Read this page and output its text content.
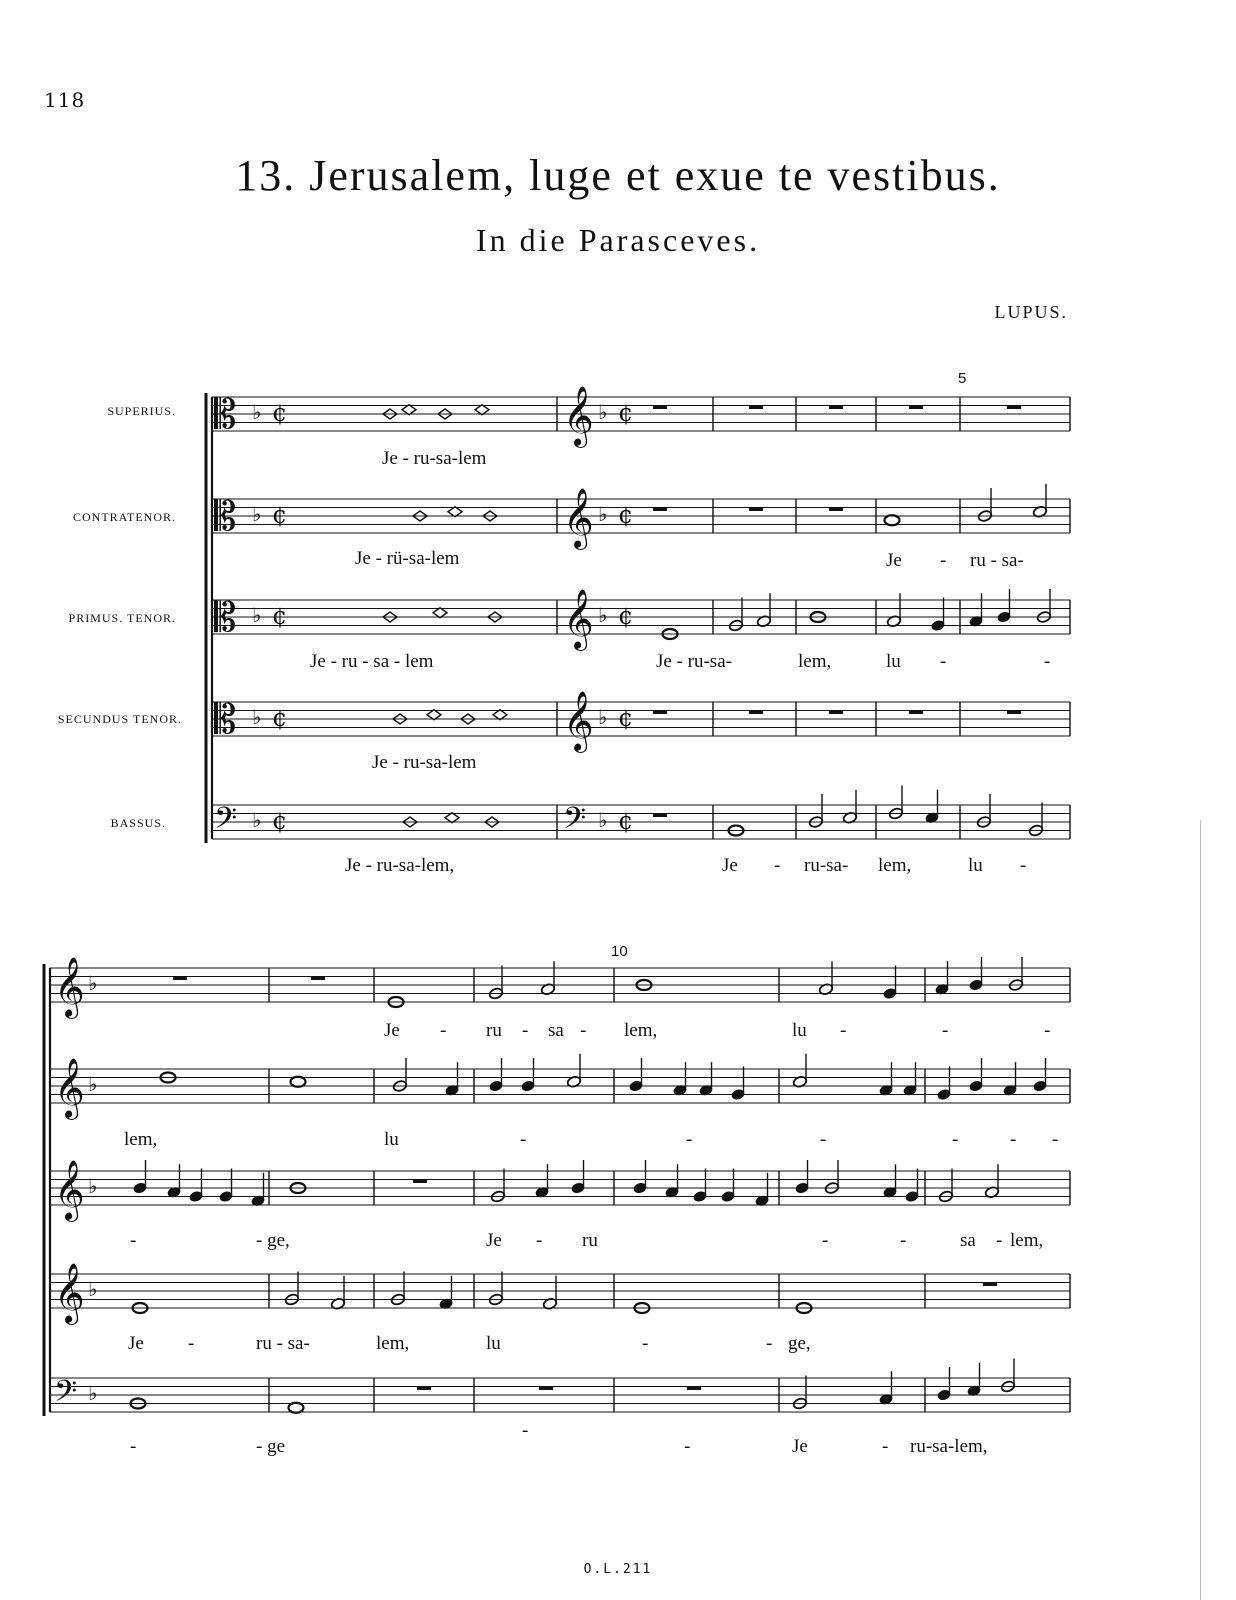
118
13. Jerusalem, luge et exue te vestibus.
In die Parasceves.
LUPUS.
SUPERIUS.
CONTRATENOR.
PRIMUS. TENOR.
SECUNDUS TENOR.
BASSUS.
5
10
𝄡 ♭ ¢	𝄞 ♭ ¢
𝄡 ♭ ¢	𝄞 ♭ ¢
𝄡 ♭ ¢	𝄞 ♭ ¢
𝄡 ♭ ¢	𝄞 ♭ ¢
𝄢 ♭ ¢	𝄢 ♭ ¢
𝄞 ♭
𝄞 ♭
𝄞 ♭
𝄞 ♭
𝄢 ♭
Je - ru-sa-lem
Je - rü-sa-lem	Je - ru - sa-
Je - ru - sa - lem	Je - ru-sa-	lem,	lu -	-
Je - ru-sa-lem
Je - ru-sa-lem,	Je - ru-sa- lem,	lu -
Je - ru - sa - lem,	lu -	-	-
lem,	lu	-	-	-	-	- -
-	- ge,	Je - ru	-	-	sa - lem,
Je -	ru - sa-	lem,	lu	-	- ge,
-	- ge
-
-	Je	- ru-sa-lem,
O.L.211
